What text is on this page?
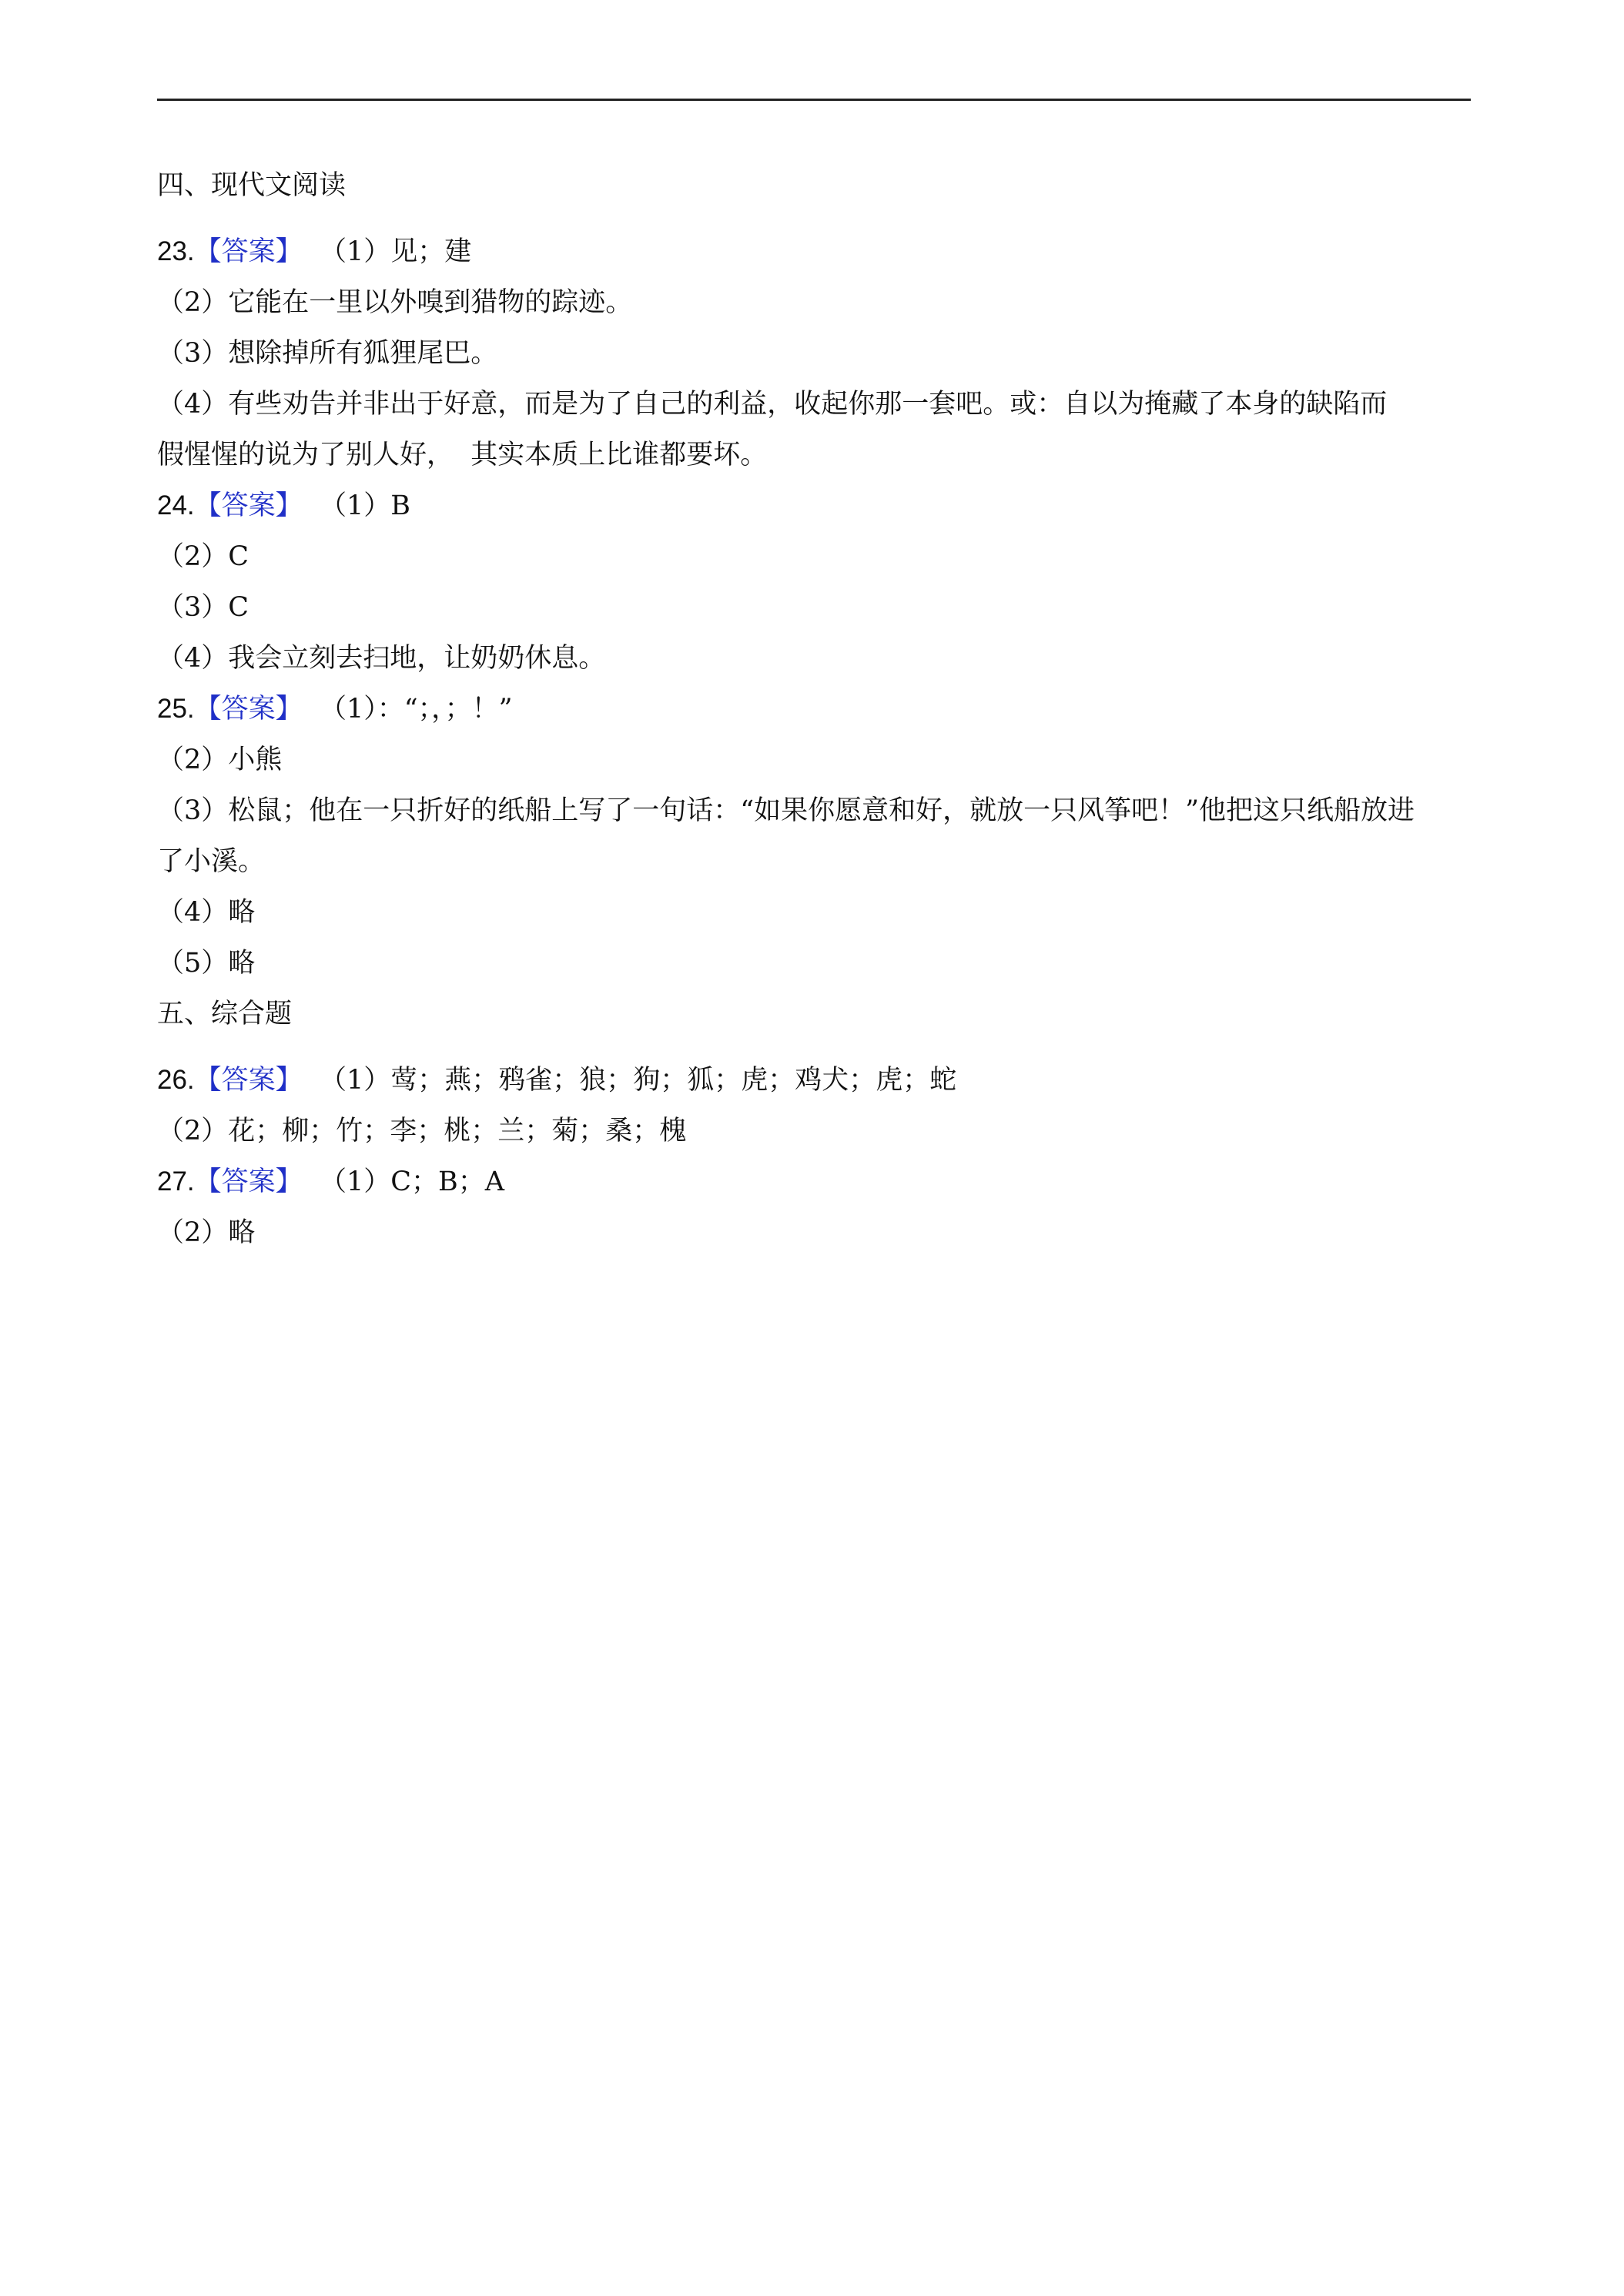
四、现代文阅读
23.【答案】 （1）见；建
（2）它能在一里以外嗅到猎物的踪迹。
（3）想除掉所有狐狸尾巴。
（4）有些劝告并非出于好意，而是为了自己的利益，收起你那一套吧。或：自以为掩藏了本身的缺陷而
假惺惺的说为了别人好，  其实本质上比谁都要坏。
24.【答案】 （1）B
（2）C
（3）C
（4）我会立刻去扫地，让奶奶休息。
25.【答案】 （1）：“；，；！”
（2）小熊
（3）松鼠；他在一只折好的纸船上写了一句话：“如果你愿意和好，就放一只风筝吧！”他把这只纸船放进
了小溪。
（4）略
（5）略
五、综合题
26.【答案】 （1）莺；燕；鸦雀；狼；狗；狐；虎；鸡犬；虎；蛇
（2）花；柳；竹；李；桃；兰；菊；桑；槐
27.【答案】 （1）C；B；A
（2）略
